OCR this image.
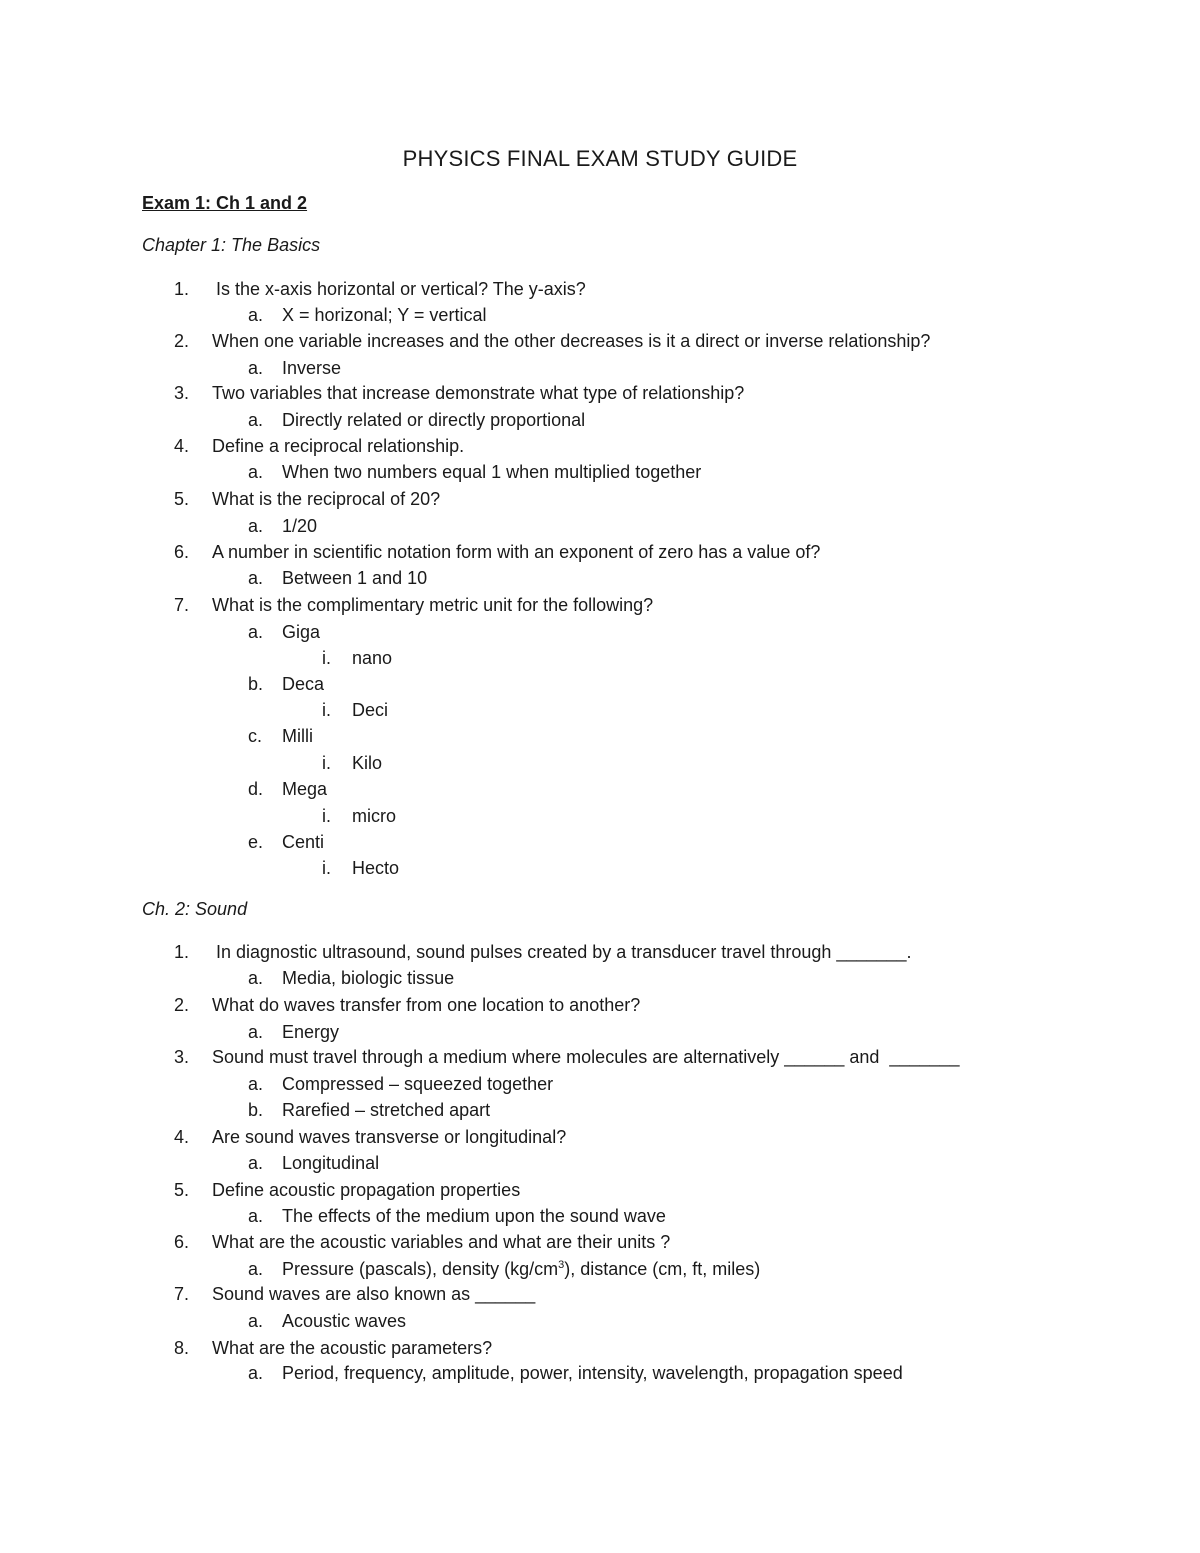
PHYSICS FINAL EXAM STUDY GUIDE
Exam 1: Ch 1 and 2
Chapter 1: The Basics
1. Is the x-axis horizontal or vertical? The y-axis?
a. X = horizonal; Y = vertical
2. When one variable increases and the other decreases is it a direct or inverse relationship?
a. Inverse
3. Two variables that increase demonstrate what type of relationship?
a. Directly related or directly proportional
4. Define a reciprocal relationship.
a. When two numbers equal 1 when multiplied together
5. What is the reciprocal of 20?
a. 1/20
6. A number in scientific notation form with an exponent of zero has a value of?
a. Between 1 and 10
7. What is the complimentary metric unit for the following?
a. Giga
i. nano
b. Deca
i. Deci
c. Milli
i. Kilo
d. Mega
i. micro
e. Centi
i. Hecto
Ch. 2: Sound
1. In diagnostic ultrasound, sound pulses created by a transducer travel through _______.
a. Media, biologic tissue
2. What do waves transfer from one location to another?
a. Energy
3. Sound must travel through a medium where molecules are alternatively ______ and  _______
a. Compressed – squeezed together
b. Rarefied – stretched apart
4. Are sound waves transverse or longitudinal?
a. Longitudinal
5. Define acoustic propagation properties
a. The effects of the medium upon the sound wave
6. What are the acoustic variables and what are their units ?
a. Pressure (pascals), density $(kg/cm^3)$, distance (cm, ft, miles)
7. Sound waves are also known as ______
a. Acoustic waves
8. What are the acoustic parameters?
a. Period, frequency, amplitude, power, intensity, wavelength, propagation speed
